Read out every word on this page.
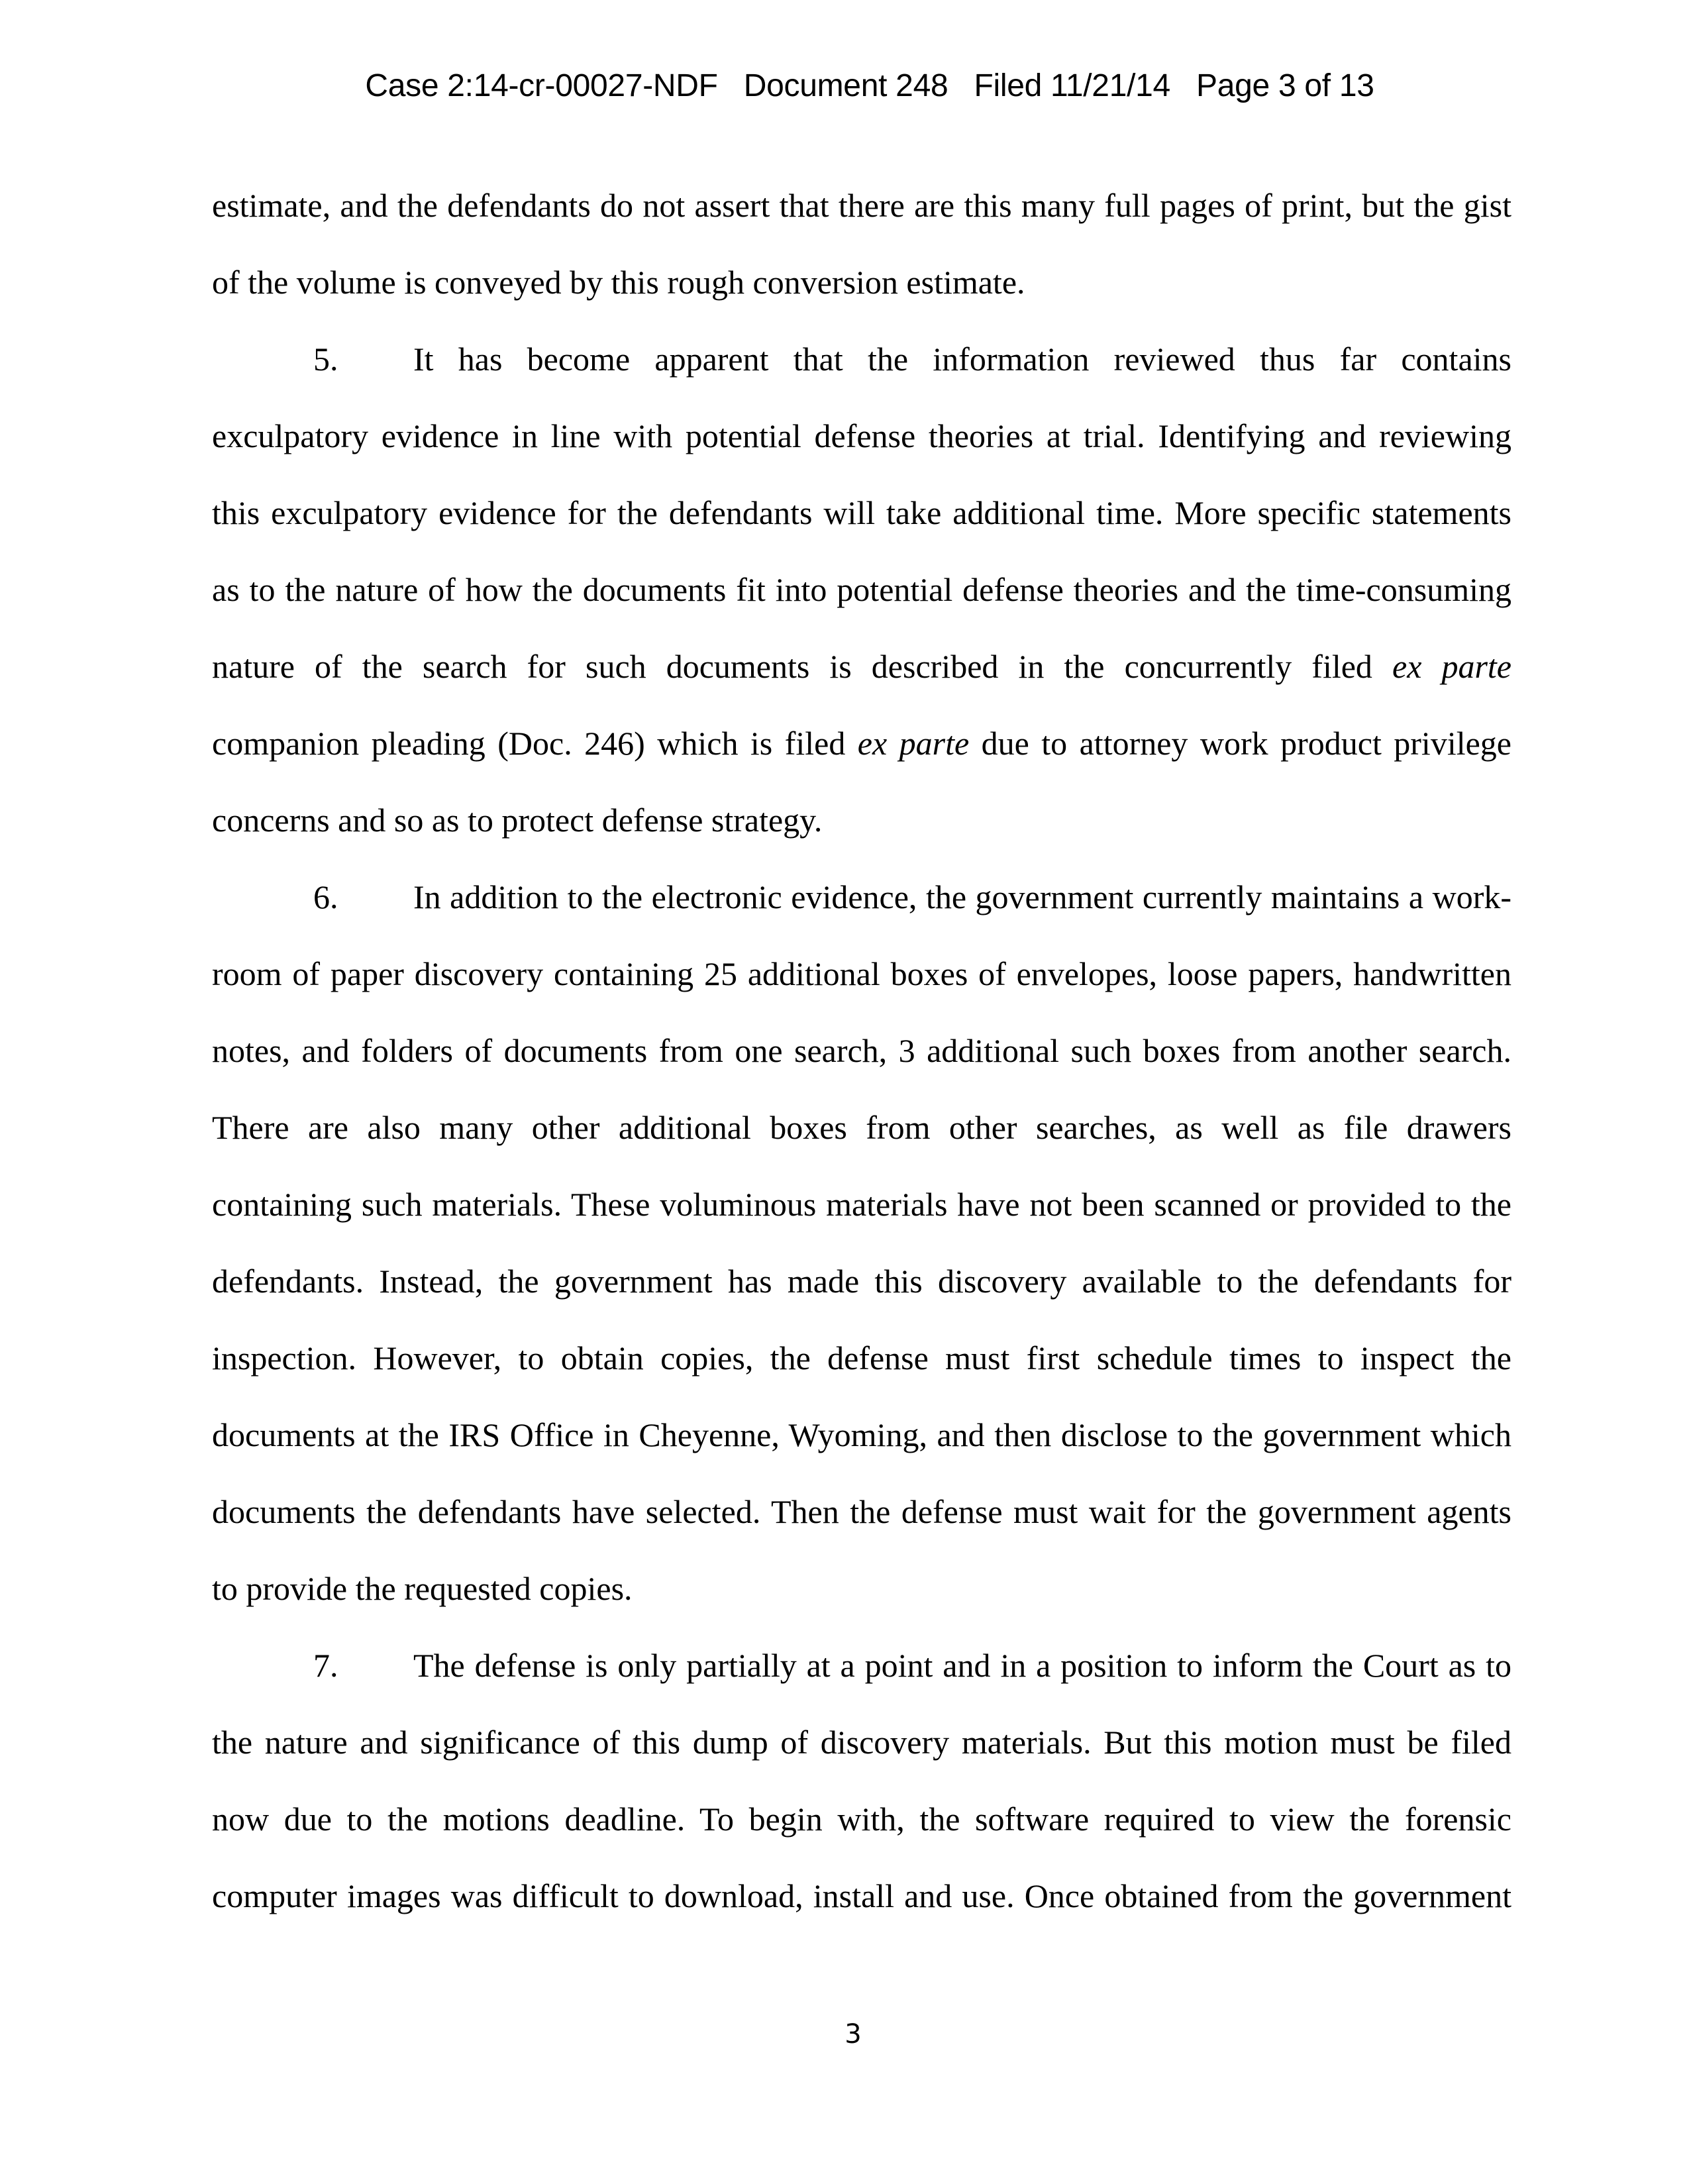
Case 2:14-cr-00027-NDF Document 248 Filed 11/21/14 Page 3 of 13

estimate, and the defendants do not assert that there are this many full pages of print, but the gist
of the volume is conveyed by this rough conversion estimate.
5.	It has become apparent that the information reviewed thus far contains
exculpatory evidence in line with potential defense theories at trial. Identifying and reviewing
this exculpatory evidence for the defendants will take additional time. More specific statements
as to the nature of how the documents fit into potential defense theories and the time-consuming
nature of the search for such documents is described in the concurrently filed ex parte
companion pleading (Doc. 246) which is filed ex parte due to attorney work product privilege
concerns and so as to protect defense strategy.
6.	In addition to the electronic evidence, the government currently maintains a work-
room of paper discovery containing 25 additional boxes of envelopes, loose papers, handwritten
notes, and folders of documents from one search, 3 additional such boxes from another search.
There are also many other additional boxes from other searches, as well as file drawers
containing such materials. These voluminous materials have not been scanned or provided to the
defendants. Instead, the government has made this discovery available to the defendants for
inspection. However, to obtain copies, the defense must first schedule times to inspect the
documents at the IRS Office in Cheyenne, Wyoming, and then disclose to the government which
documents the defendants have selected. Then the defense must wait for the government agents
to provide the requested copies.
7.	The defense is only partially at a point and in a position to inform the Court as to
the nature and significance of this dump of discovery materials. But this motion must be filed
now due to the motions deadline. To begin with, the software required to view the forensic
computer images was difficult to download, install and use. Once obtained from the government
3
